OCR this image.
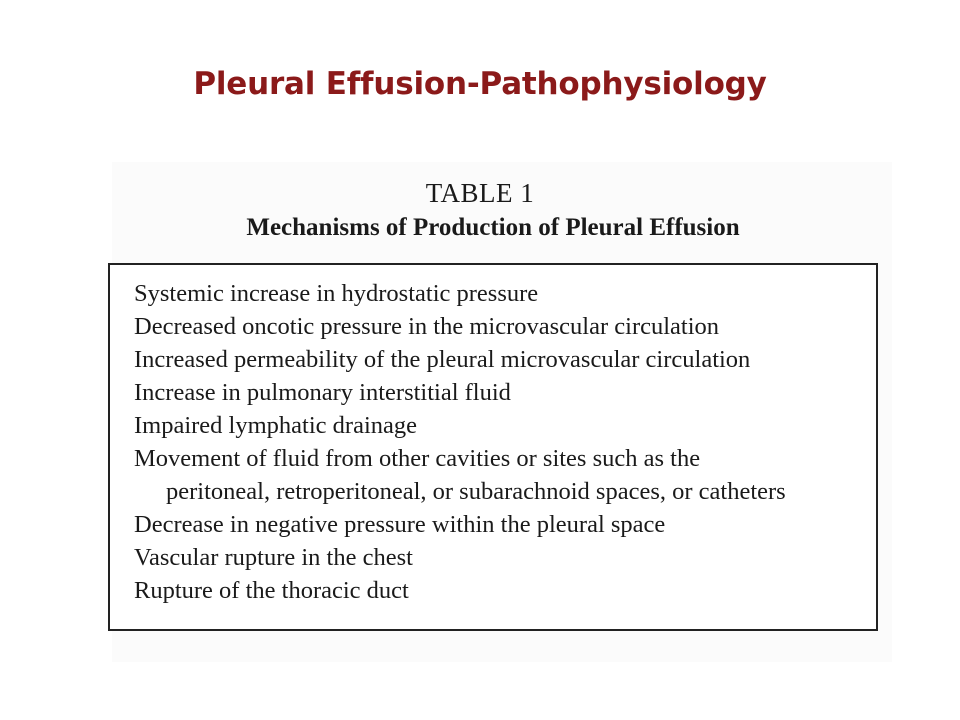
Pleural Effusion-Pathophysiology
TABLE 1
Mechanisms of Production of Pleural Effusion
Systemic increase in hydrostatic pressure
Decreased oncotic pressure in the microvascular circulation
Increased permeability of the pleural microvascular circulation
Increase in pulmonary interstitial fluid
Impaired lymphatic drainage
Movement of fluid from other cavities or sites such as the
peritoneal, retroperitoneal, or subarachnoid spaces, or catheters
Decrease in negative pressure within the pleural space
Vascular rupture in the chest
Rupture of the thoracic duct
